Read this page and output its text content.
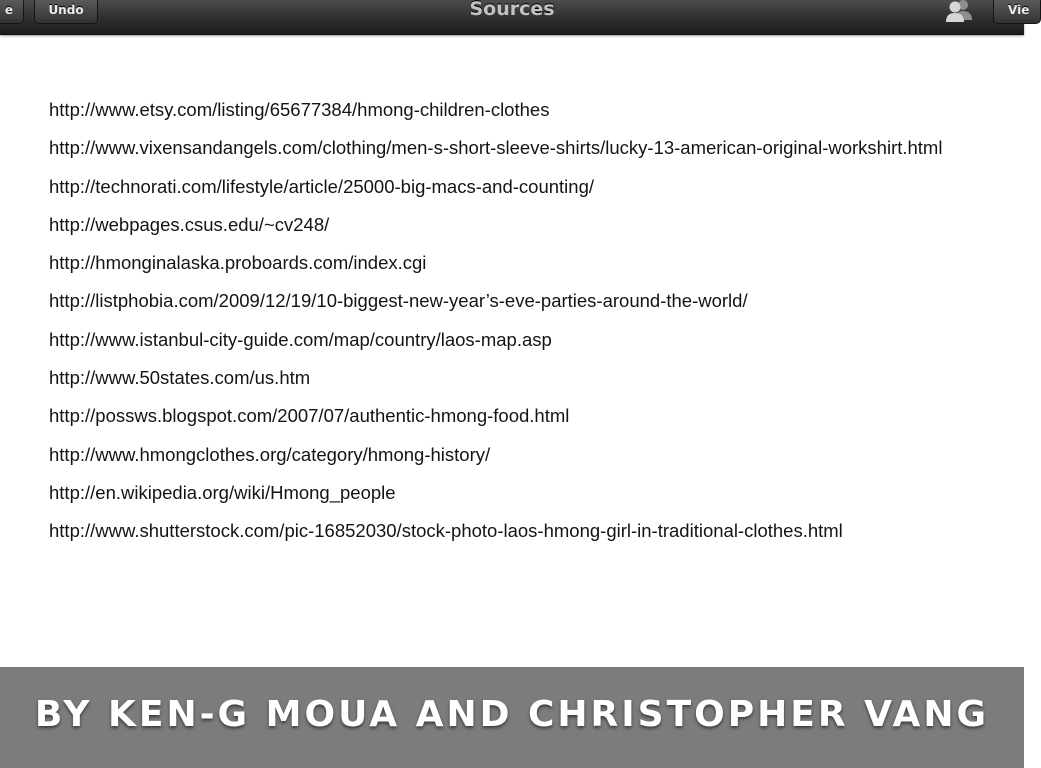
e	Undo	Sources	Vie
http://www.etsy.com/listing/65677384/hmong-children-clothes
http://www.vixensandangels.com/clothing/men-s-short-sleeve-shirts/lucky-13-american-original-workshirt.html
http://technorati.com/lifestyle/article/25000-big-macs-and-counting/
http://webpages.csus.edu/~cv248/
http://hmonginalaska.proboards.com/index.cgi
http://listphobia.com/2009/12/19/10-biggest-new-year’s-eve-parties-around-the-world/
http://www.istanbul-city-guide.com/map/country/laos-map.asp
http://www.50states.com/us.htm
http://possws.blogspot.com/2007/07/authentic-hmong-food.html
http://www.hmongclothes.org/category/hmong-history/
http://en.wikipedia.org/wiki/Hmong_people
http://www.shutterstock.com/pic-16852030/stock-photo-laos-hmong-girl-in-traditional-clothes.html
BY KEN-G MOUA AND CHRISTOPHER VANG
